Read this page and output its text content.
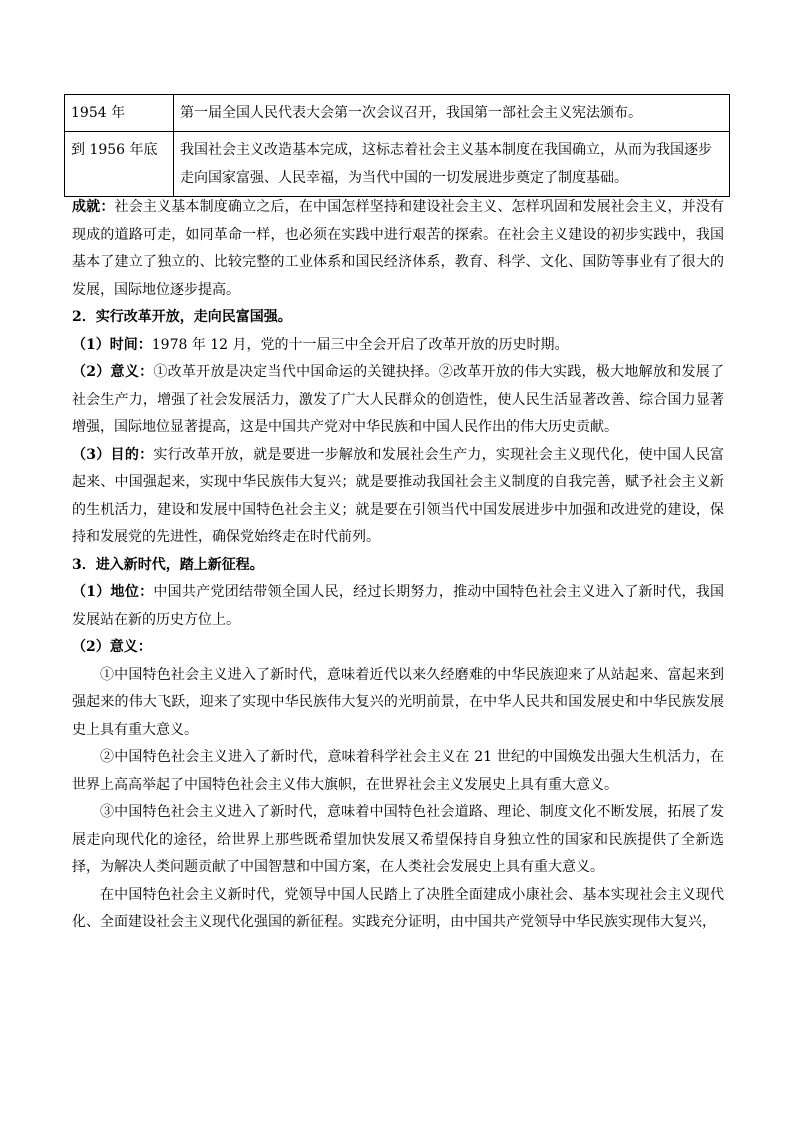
1954 年	第一届全国人民代表大会第一次会议召开，我国第一部社会主义宪法颁布。
到 1956 年底	我国社会主义改造基本完成，这标志着社会主义基本制度在我国确立，从而为我国逐步走向国家富强、人民幸福，为当代中国的一切发展进步奠定了制度基础。

成就：社会主义基本制度确立之后，在中国怎样坚持和建设社会主义、怎样巩固和发展社会主义，并没有现成的道路可走，如同革命一样，也必须在实践中进行艰苦的探索。在社会主义建设的初步实践中，我国基本了建立了独立的、比较完整的工业体系和国民经济体系，教育、科学、文化、国防等事业有了很大的发展，国际地位逐步提高。

2．实行改革开放，走向民富国强。

（1）时间：1978 年 12 月，党的十一届三中全会开启了改革开放的历史时期。

（2）意义：①改革开放是决定当代中国命运的关键抉择。②改革开放的伟大实践，极大地解放和发展了社会生产力，增强了社会发展活力，激发了广大人民群众的创造性，使人民生活显著改善、综合国力显著增强，国际地位显著提高，这是中国共产党对中华民族和中国人民作出的伟大历史贡献。

（3）目的：实行改革开放，就是要进一步解放和发展社会生产力，实现社会主义现代化，使中国人民富起来、中国强起来，实现中华民族伟大复兴；就是要推动我国社会主义制度的自我完善，赋予社会主义新的生机活力，建设和发展中国特色社会主义；就是要在引领当代中国发展进步中加强和改进党的建设，保持和发展党的先进性，确保党始终走在时代前列。

3．进入新时代，踏上新征程。

（1）地位：中国共产党团结带领全国人民，经过长期努力，推动中国特色社会主义进入了新时代，我国发展站在新的历史方位上。

（2）意义：

①中国特色社会主义进入了新时代，意味着近代以来久经磨难的中华民族迎来了从站起来、富起来到强起来的伟大飞跃，迎来了实现中华民族伟大复兴的光明前景，在中华人民共和国发展史和中华民族发展史上具有重大意义。

②中国特色社会主义进入了新时代，意味着科学社会主义在 21 世纪的中国焕发出强大生机活力，在世界上高高举起了中国特色社会主义伟大旗帜，在世界社会主义发展史上具有重大意义。

③中国特色社会主义进入了新时代，意味着中国特色社会道路、理论、制度文化不断发展，拓展了发展走向现代化的途径，给世界上那些既希望加快发展又希望保持自身独立性的国家和民族提供了全新选择，为解决人类问题贡献了中国智慧和中国方案，在人类社会发展史上具有重大意义。

在中国特色社会主义新时代，党领导中国人民踏上了决胜全面建成小康社会、基本实现社会主义现代化、全面建设社会主义现代化强国的新征程。实践充分证明，由中国共产党领导中华民族实现伟大复兴，
